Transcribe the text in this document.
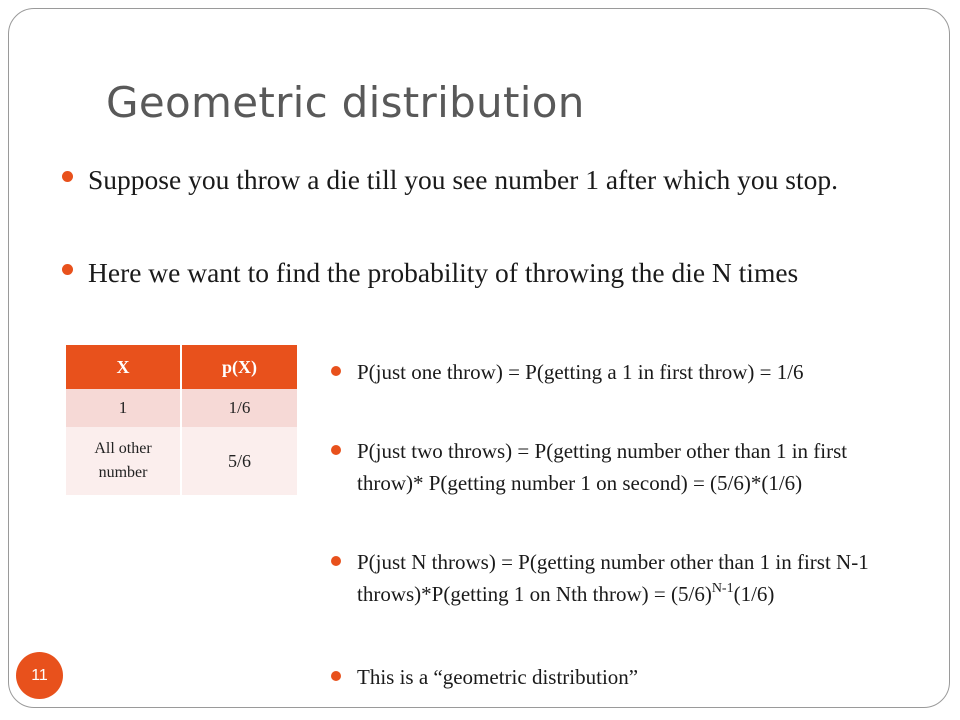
Geometric distribution
Suppose you throw a die till you see number 1 after which you stop.
Here we want to find the probability of throwing the die N times
X	p(X)
1	1/6
All other number	5/6
P(just one throw) = P(getting a 1 in first throw) = 1/6
P(just two throws) = P(getting number other than 1 in first throw)* P(getting number 1 on second) = (5/6)*(1/6)
P(just N throws) = P(getting number other than 1 in first N-1 throws)*P(getting 1 on Nth throw) = $(5/6)^{N-1}(1/6)$
This is a “geometric distribution”
11
